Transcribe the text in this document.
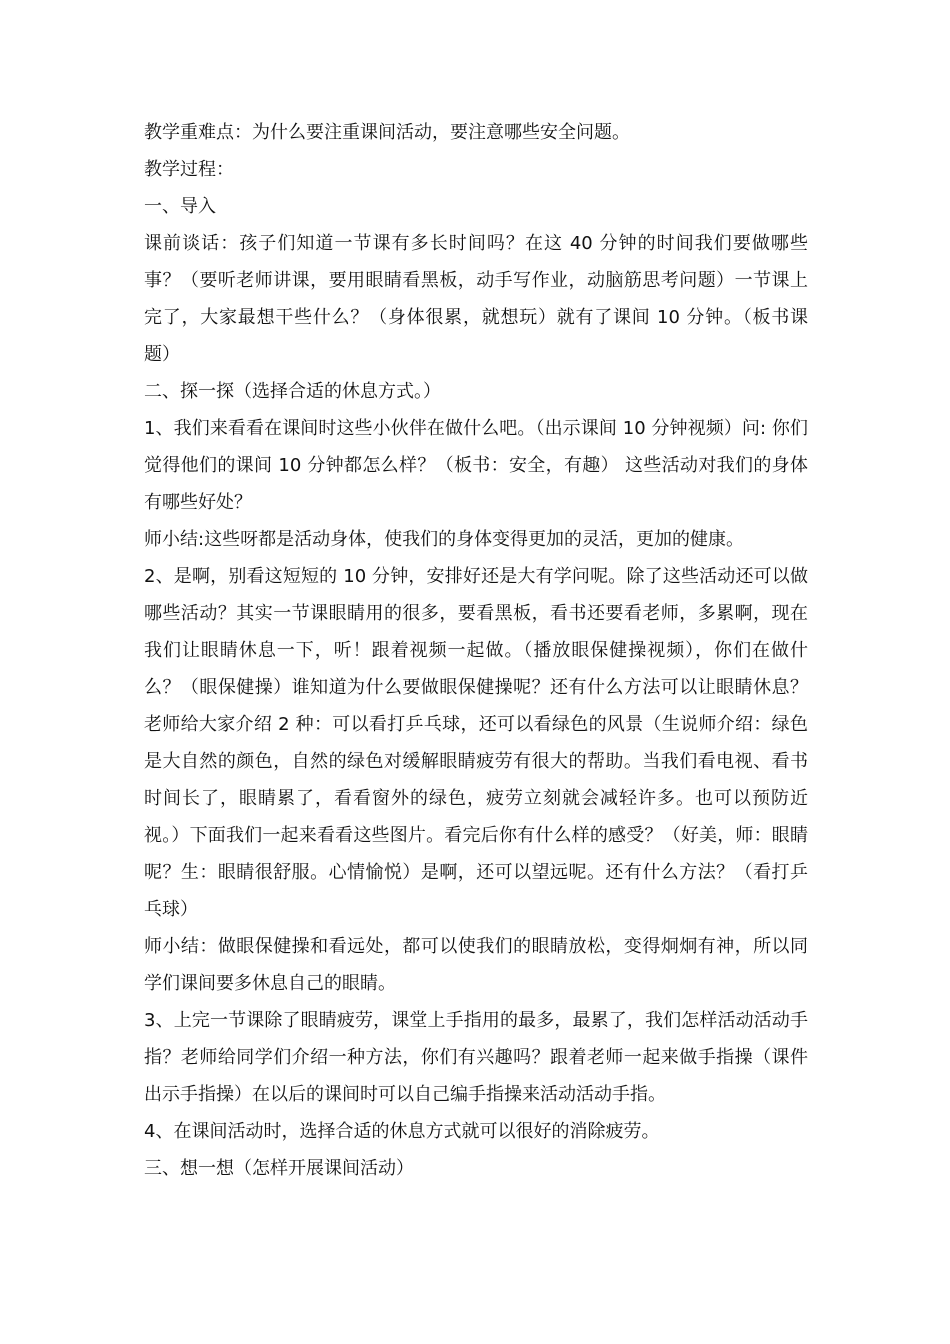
教学重难点：为什么要注重课间活动，要注意哪些安全问题。

教学过程：

一、导入

课前谈话：孩子们知道一节课有多长时间吗？在这 40 分钟的时间我们要做哪些事？（要听老师讲课，要用眼睛看黑板，动手写作业，动脑筋思考问题）一节课上完了，大家最想干些什么？（身体很累，就想玩）就有了课间 10 分钟。（板书课题）

二、探一探（选择合适的休息方式。）

1、我们来看看在课间时这些小伙伴在做什么吧。（出示课间 10 分钟视频）问: 你们觉得他们的课间 10 分钟都怎么样？（板书：安全，有趣） 这些活动对我们的身体有哪些好处？

师小结:这些呀都是活动身体，使我们的身体变得更加的灵活，更加的健康。

2、是啊，别看这短短的 10 分钟，安排好还是大有学问呢。除了这些活动还可以做哪些活动？其实一节课眼睛用的很多，要看黑板，看书还要看老师，多累啊，现在我们让眼睛休息一下，听！跟着视频一起做。（播放眼保健操视频），你们在做什么？（眼保健操）谁知道为什么要做眼保健操呢？还有什么方法可以让眼睛休息？老师给大家介绍 2 种：可以看打乒乓球，还可以看绿色的风景（生说师介绍：绿色是大自然的颜色，自然的绿色对缓解眼睛疲劳有很大的帮助。当我们看电视、看书时间长了，眼睛累了，看看窗外的绿色，疲劳立刻就会减轻许多。也可以预防近视。）下面我们一起来看看这些图片。看完后你有什么样的感受？（好美，师：眼睛呢？生：眼睛很舒服。心情愉悦）是啊，还可以望远呢。还有什么方法？（看打乒乓球）

师小结：做眼保健操和看远处，都可以使我们的眼睛放松，变得炯炯有神，所以同学们课间要多休息自己的眼睛。

3、上完一节课除了眼睛疲劳，课堂上手指用的最多，最累了，我们怎样活动活动手指？老师给同学们介绍一种方法，你们有兴趣吗？跟着老师一起来做手指操（课件出示手指操）在以后的课间时可以自己编手指操来活动活动手指。

4、在课间活动时，选择合适的休息方式就可以很好的消除疲劳。

三、想一想（怎样开展课间活动）
